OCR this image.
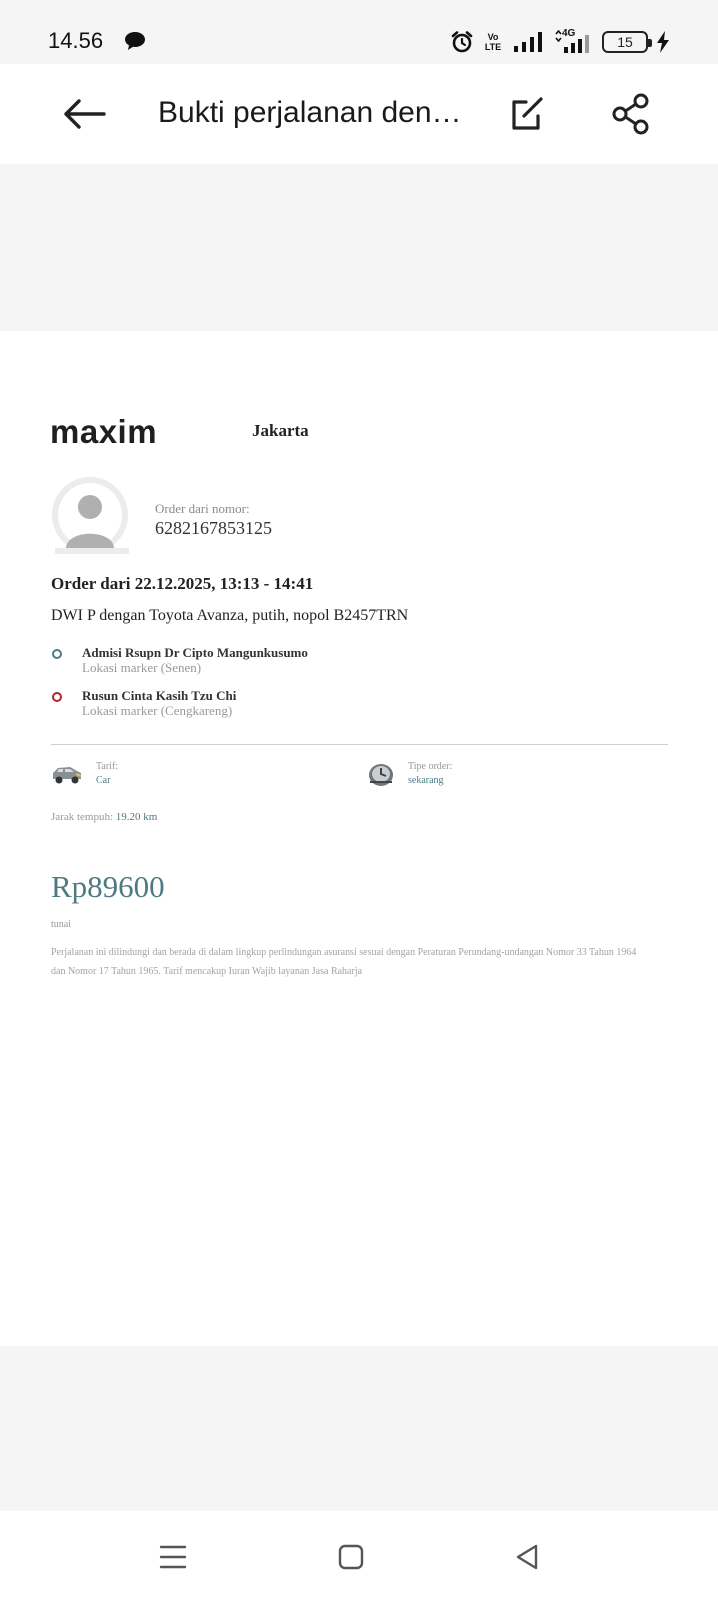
14.56	Vo LTE
4G
15
Bukti perjalanan den…
maxim	Jakarta
Order dari nomor:
6282167853125
Order dari 22.12.2025, 13:13 - 14:41
DWI P dengan Toyota Avanza, putih, nopol B2457TRN
Admisi Rsupn Dr Cipto Mangunkusumo
Lokasi marker (Senen)
Rusun Cinta Kasih Tzu Chi
Lokasi marker (Cengkareng)
Tarif:
Car
Tipe order:
sekarang
Jarak tempuh: 19.20 km
Rp89600
tunai
Perjalanan ini dilindungi dan berada di dalam lingkup perlindungan asuransi sesuai dengan Peraturan Perundang-undangan Nomor 33 Tahun 1964 dan Nomor 17 Tahun 1965. Tarif mencakup Iuran Wajib layanan Jasa Raharja
